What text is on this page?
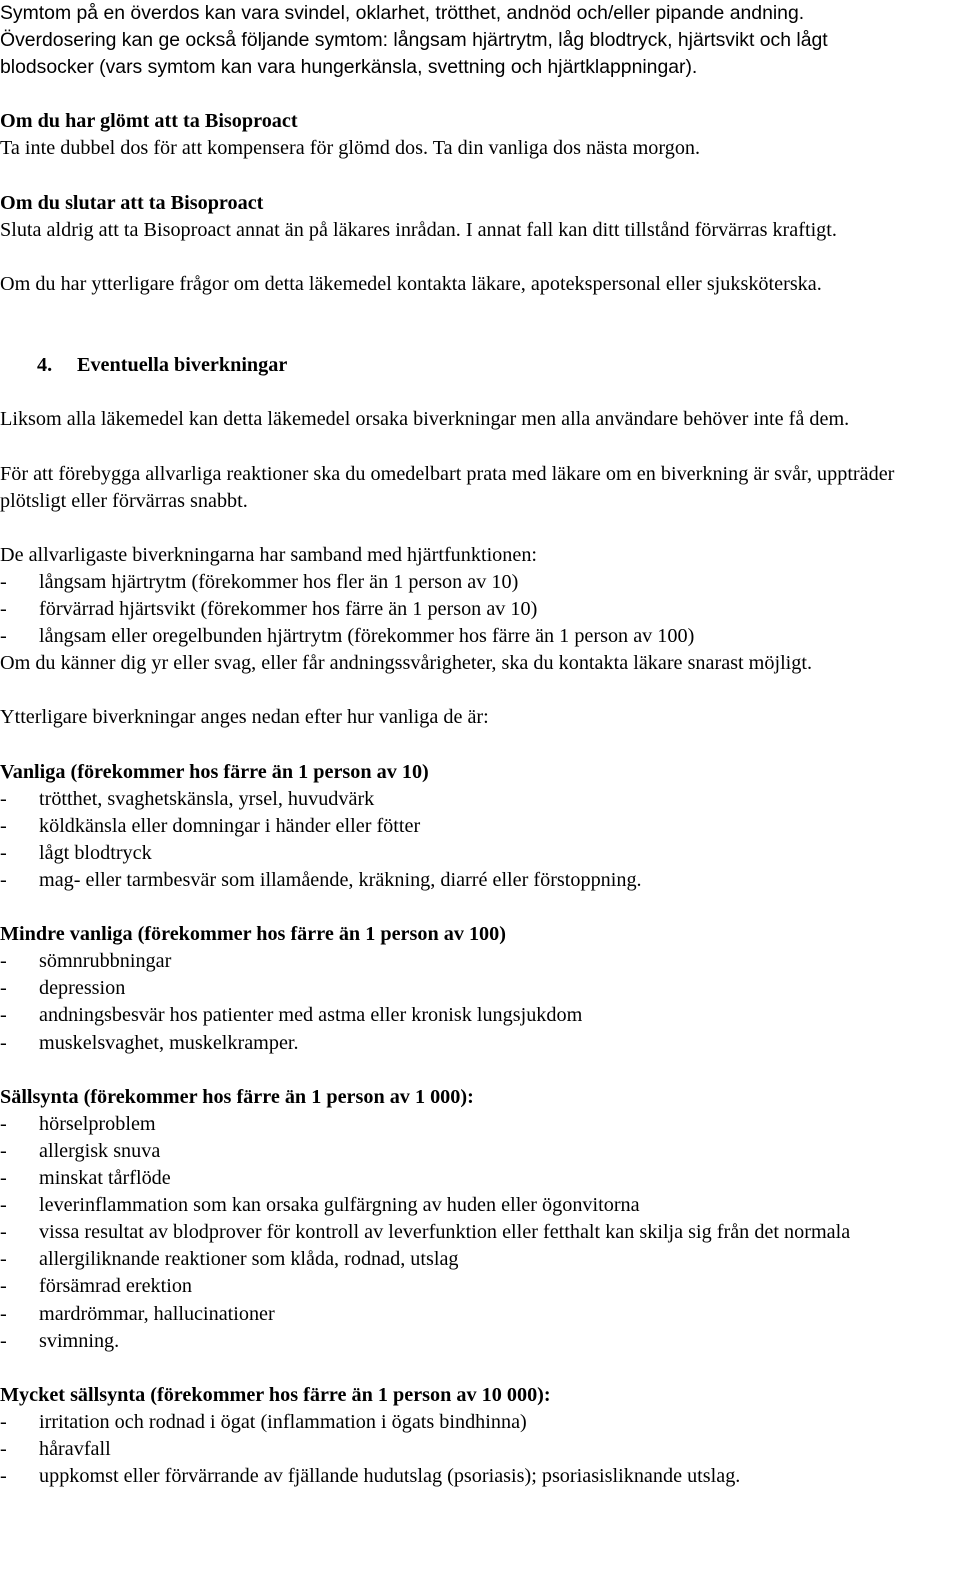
Symtom på en överdos kan vara svindel, oklarhet, trötthet, andnöd och/eller pipande andning.
Överdosering kan ge också följande symtom: långsam hjärtrytm, låg blodtryck, hjärtsvikt och lågt
blodsocker (vars symtom kan vara hungerkänsla, svettning och hjärtklappningar).
Om du har glömt att ta Bisoproact
Ta inte dubbel dos för att kompensera för glömd dos. Ta din vanliga dos nästa morgon.
Om du slutar att ta Bisoproact
Sluta aldrig att ta Bisoproact annat än på läkares inrådan. I annat fall kan ditt tillstånd förvärras kraftigt.
Om du har ytterligare frågor om detta läkemedel kontakta läkare, apotekspersonal eller sjuksköterska.
4. Eventuella biverkningar
Liksom alla läkemedel kan detta läkemedel orsaka biverkningar men alla användare behöver inte få dem.
För att förebygga allvarliga reaktioner ska du omedelbart prata med läkare om en biverkning är svår, uppträder plötsligt eller förvärras snabbt.
De allvarligaste biverkningarna har samband med hjärtfunktionen:
- långsam hjärtrytm (förekommer hos fler än 1 person av 10)
- förvärrad hjärtsvikt (förekommer hos färre än 1 person av 10)
- långsam eller oregelbunden hjärtrytm (förekommer hos färre än 1 person av 100)
Om du känner dig yr eller svag, eller får andningssvårigheter, ska du kontakta läkare snarast möjligt.
Ytterligare biverkningar anges nedan efter hur vanliga de är:
Vanliga (förekommer hos färre än 1 person av 10)
- trötthet, svaghetskänsla, yrsel, huvudvärk
- köldkänsla eller domningar i händer eller fötter
- lågt blodtryck
- mag- eller tarmbesvär som illamående, kräkning, diarré eller förstoppning.
Mindre vanliga (förekommer hos färre än 1 person av 100)
- sömnrubbningar
- depression
- andningsbesvär hos patienter med astma eller kronisk lungsjukdom
- muskelsvaghet, muskelkramper.
Sällsynta (förekommer hos färre än 1 person av 1 000):
- hörselproblem
- allergisk snuva
- minskat tårflöde
- leverinflammation som kan orsaka gulfärgning av huden eller ögonvitorna
- vissa resultat av blodprover för kontroll av leverfunktion eller fetthalt kan skilja sig från det normala
- allergiliknande reaktioner som klåda, rodnad, utslag
- försämrad erektion
- mardrömmar, hallucinationer
- svimning.
Mycket sällsynta (förekommer hos färre än 1 person av 10 000):
- irritation och rodnad i ögat (inflammation i ögats bindhinna)
- håravfall
- uppkomst eller förvärrande av fjällande hudutslag (psoriasis); psoriasisliknande utslag.
